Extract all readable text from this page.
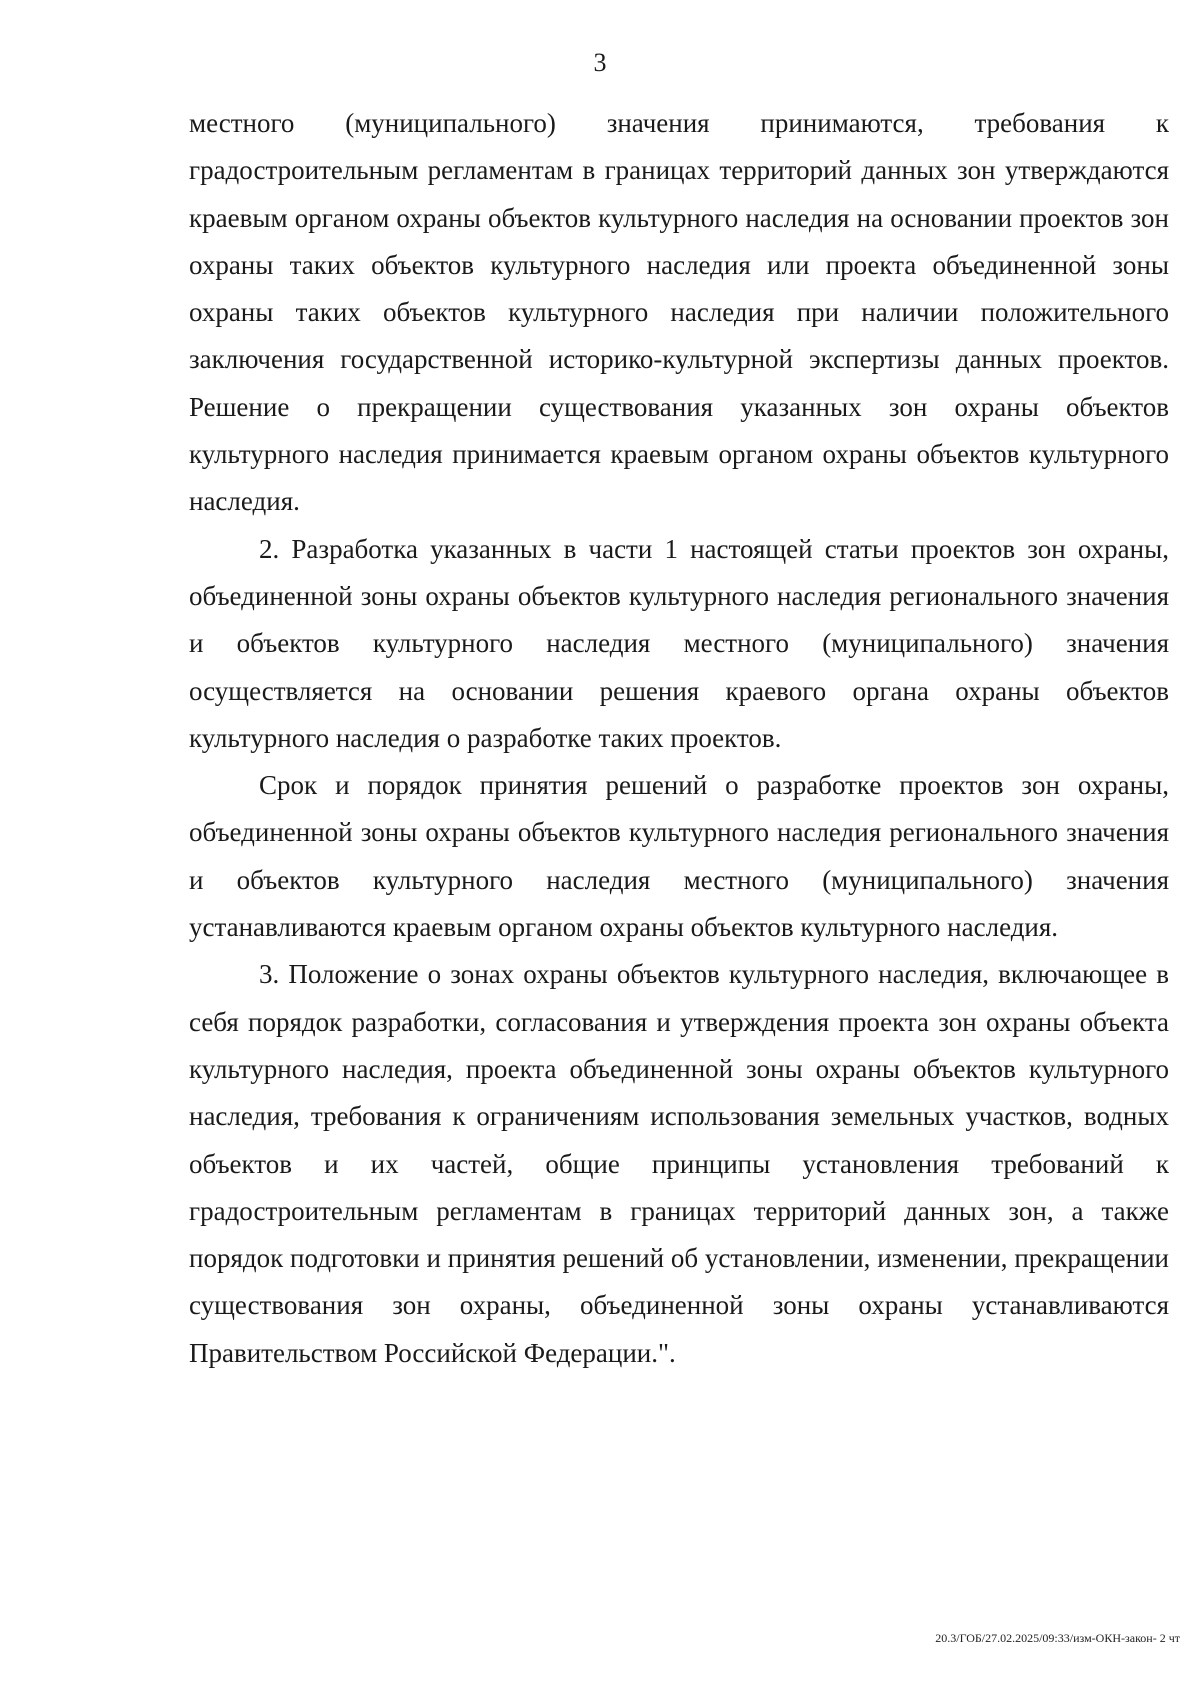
3

местного (муниципального) значения принимаются, требования к градостроительным регламентам в границах территорий данных зон утверждаются краевым органом охраны объектов культурного наследия на основании проектов зон охраны таких объектов культурного наследия или проекта объединенной зоны охраны таких объектов культурного наследия при наличии положительного заключения государственной историко-культурной экспертизы данных проектов. Решение о прекращении существования указанных зон охраны объектов культурного наследия принимается краевым органом охраны объектов культурного наследия.

2. Разработка указанных в части 1 настоящей статьи проектов зон охраны, объединенной зоны охраны объектов культурного наследия регионального значения и объектов культурного наследия местного (муниципального) значения осуществляется на основании решения краевого органа охраны объектов культурного наследия о разработке таких проектов.

Срок и порядок принятия решений о разработке проектов зон охраны, объединенной зоны охраны объектов культурного наследия регионального значения и объектов культурного наследия местного (муниципального) значения устанавливаются краевым органом охраны объектов культурного наследия.

3. Положение о зонах охраны объектов культурного наследия, включающее в себя порядок разработки, согласования и утверждения проекта зон охраны объекта культурного наследия, проекта объединенной зоны охраны объектов культурного наследия, требования к ограничениям использования земельных участков, водных объектов и их частей, общие принципы установления требований к градостроительным регламентам в границах территорий данных зон, а также порядок подготовки и принятия решений об установлении, изменении, прекращении существования зон охраны, объединенной зоны охраны устанавливаются Правительством Российской Федерации.".

20.3/ГОБ/27.02.2025/09:33/изм-ОКН-закон- 2 чт
